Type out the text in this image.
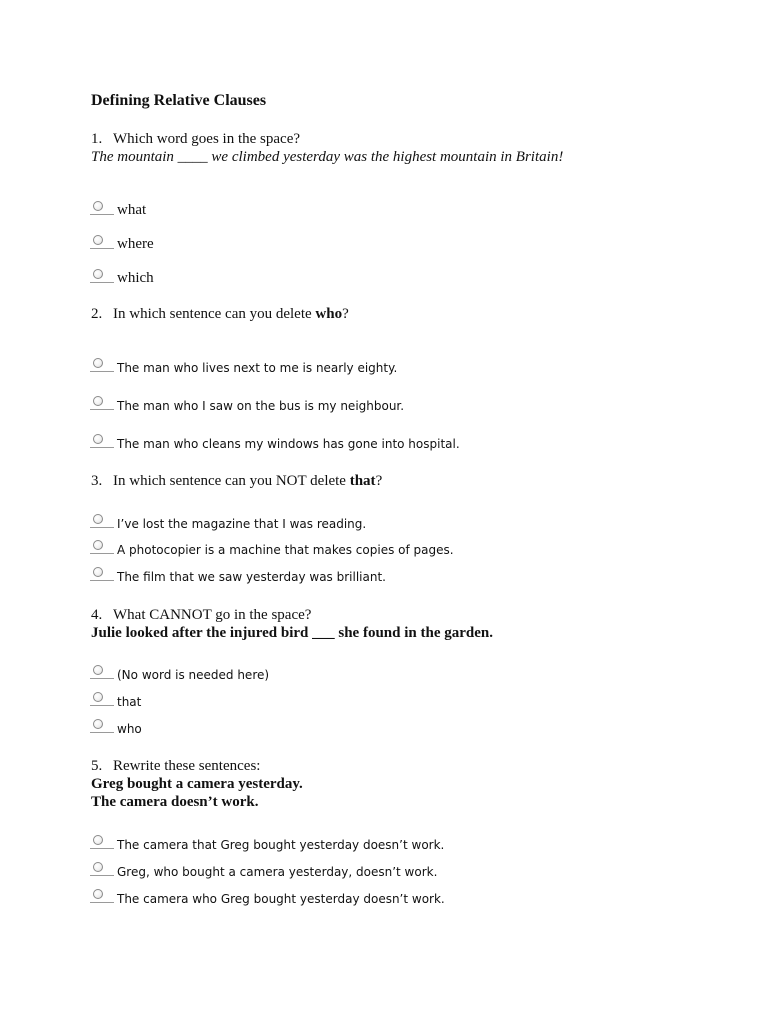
Defining Relative Clauses
1. Which word goes in the space?
The mountain ____ we climbed yesterday was the highest mountain in Britain!
what
where
which
2. In which sentence can you delete who?
The man who lives next to me is nearly eighty.
The man who I saw on the bus is my neighbour.
The man who cleans my windows has gone into hospital.
3. In which sentence can you NOT delete that?
I’ve lost the magazine that I was reading.
A photocopier is a machine that makes copies of pages.
The film that we saw yesterday was brilliant.
4. What CANNOT go in the space?
Julie looked after the injured bird ___ she found in the garden.
(No word is needed here)
that
who
5. Rewrite these sentences:
Greg bought a camera yesterday.
The camera doesn’t work.
The camera that Greg bought yesterday doesn’t work.
Greg, who bought a camera yesterday, doesn’t work.
The camera who Greg bought yesterday doesn’t work.
